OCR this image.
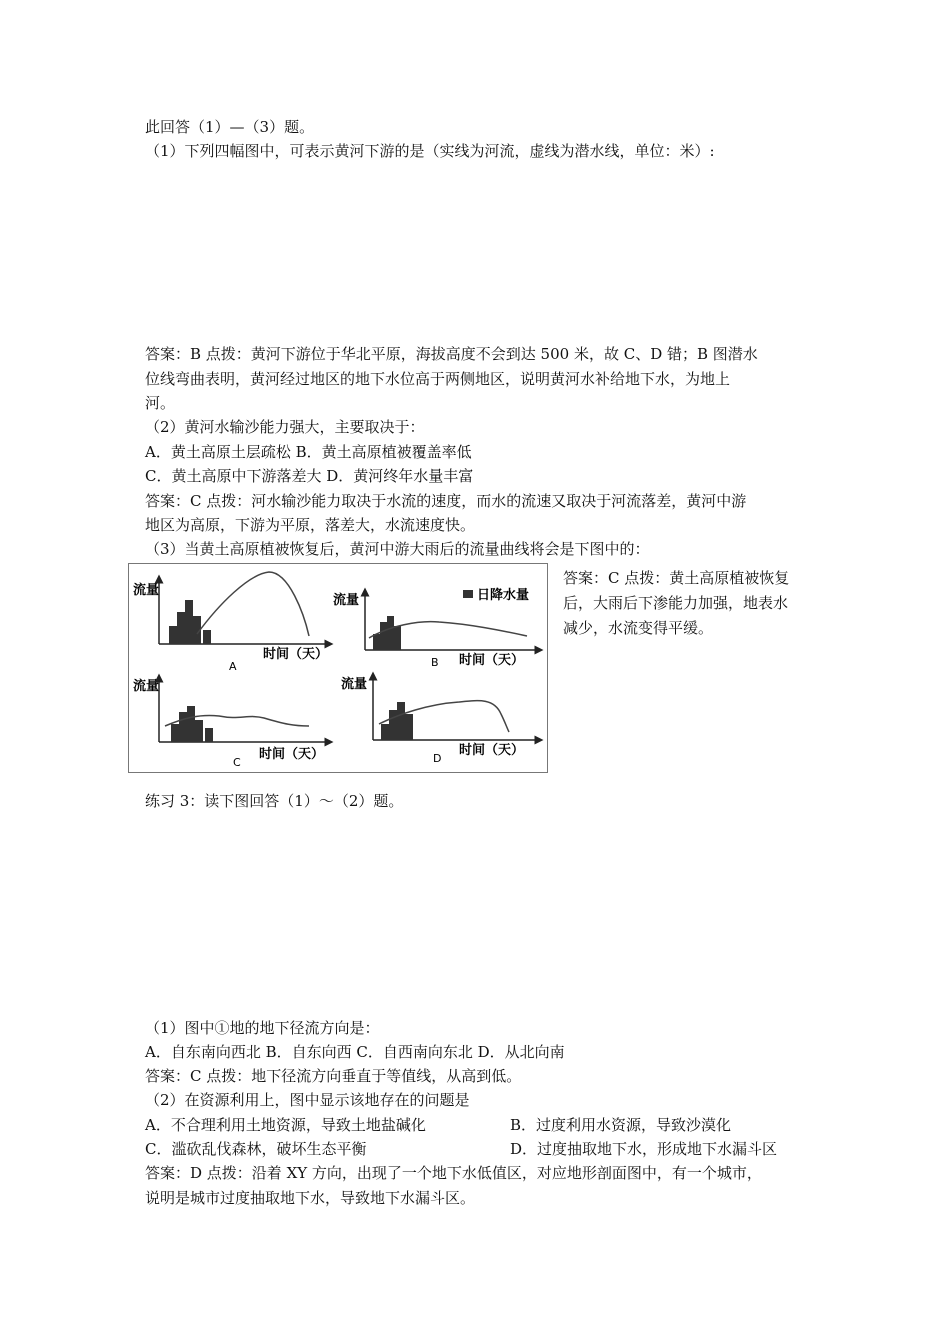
此回答（1）—（3）题。
（1）下列四幅图中，可表示黄河下游的是（实线为河流，虚线为潜水线，单位：米）:
答案：B 点拨：黄河下游位于华北平原，海拔高度不会到达 500 米，故 C、D 错；B 图潜水
位线弯曲表明，黄河经过地区的地下水位高于两侧地区，说明黄河水补给地下水，为地上
河。
（2）黄河水输沙能力强大，主要取决于：
A．黄土高原土层疏松 B．黄土高原植被覆盖率低
C．黄土高原中下游落差大 D．黄河终年水量丰富
答案：C 点拨：河水输沙能力取决于水流的速度，而水的流速又取决于河流落差，黄河中游
地区为高原，下游为平原，落差大，水流速度快。
（3）当黄土高原植被恢复后，黄河中游大雨后的流量曲线将会是下图中的：
流量
A
时间（天）
流量	日降水量
B 时间（天）
流量
C
时间（天）
流量
D
时间（天）
答案：C 点拨：黄土高原植被恢复
后，大雨后下渗能力加强，地表水
减少，水流变得平缓。
练习 3：读下图回答（1）～（2）题。
（1）图中①地的地下径流方向是：
A．自东南向西北 B．自东向西 C．自西南向东北 D．从北向南
答案：C 点拨：地下径流方向垂直于等值线，从高到低。
（2）在资源利用上，图中显示该地存在的问题是
A．不合理利用土地资源，导致土地盐碱化	B．过度利用水资源，导致沙漠化
C．滥砍乱伐森林，破坏生态平衡	D．过度抽取地下水，形成地下水漏斗区
答案：D 点拨：沿着 XY 方向，出现了一个地下水低值区，对应地形剖面图中，有一个城市，
说明是城市过度抽取地下水，导致地下水漏斗区。
